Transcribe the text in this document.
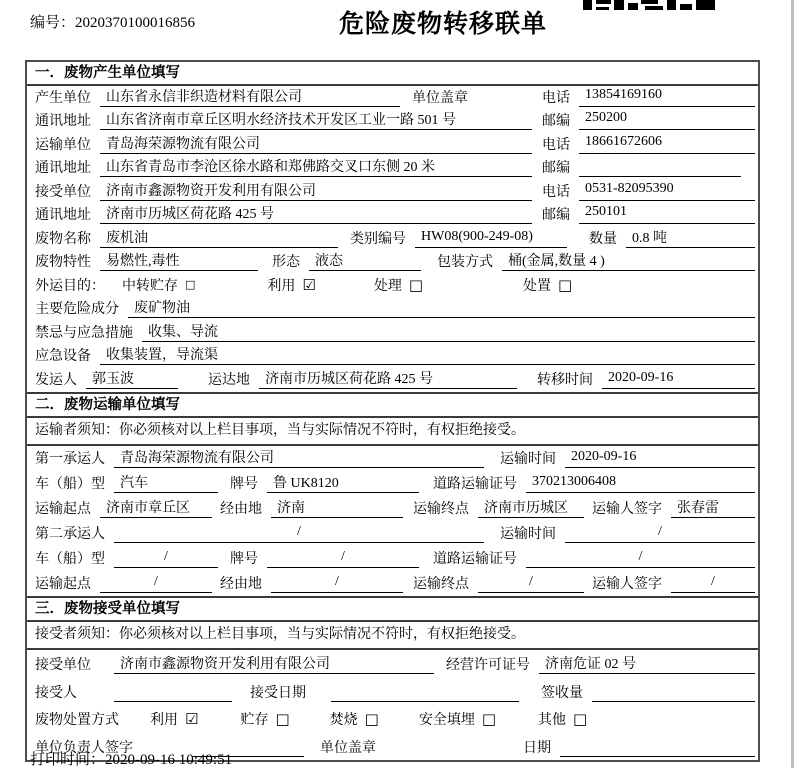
编号：2020370100016856	危险废物转移联单
一．废物产生单位填写
产生单位	山东省永信非织造材料有限公司	单位盖章	电话	13854169160
通讯地址	山东省济南市章丘区明水经济技术开发区工业一路 501 号	邮编	250200
运输单位	青岛海荣源物流有限公司	电话	18661672606
通讯地址	山东省青岛市李沧区徐水路和郑佛路交叉口东侧 20 米	邮编
接受单位	济南市鑫源物资开发利用有限公司	电话	0531-82095390
通讯地址	济南市历城区荷花路 425 号	邮编	250101
废物名称	废机油	类别编号	HW08(900-249-08)	数量	0.8 吨
废物特性	易燃性,毒性	形态	液态	包装方式	桶(金属,数量 4 )
外运目的： 中转贮存 □	利用 ☑	处理 □	处置 □
主要危险成分	废矿物油
禁忌与应急措施	收集、导流
应急设备	收集装置，导流渠
发运人	郭玉波	运达地	济南市历城区荷花路 425 号	转移时间	2020-09-16
二．废物运输单位填写
运输者须知：你必须核对以上栏目事项，当与实际情况不符时，有权拒绝接受。
第一承运人	青岛海荣源物流有限公司	运输时间	2020-09-16
车（船）型	汽车	牌号	鲁 UK8120	道路运输证号	370213006408
运输起点	济南市章丘区	经由地	济南	运输终点	济南市历城区	运输人签字	张春雷
第二承运人	/	运输时间	/
车（船）型	/	牌号	/	道路运输证号	/
运输起点	/	经由地	/	运输终点	/	运输人签字	/
三．废物接受单位填写
接受者须知：你必须核对以上栏目事项，当与实际情况不符时，有权拒绝接受。
接受单位	济南市鑫源物资开发利用有限公司	经营许可证号	济南危证 02 号
接受人	接受日期	签收量
废物处置方式 利用 ☑	贮存 □	焚烧 □	安全填埋 □	其他 □
单位负责人签字	单位盖章	日期
打印时间：2020-09-16 10:49:51
